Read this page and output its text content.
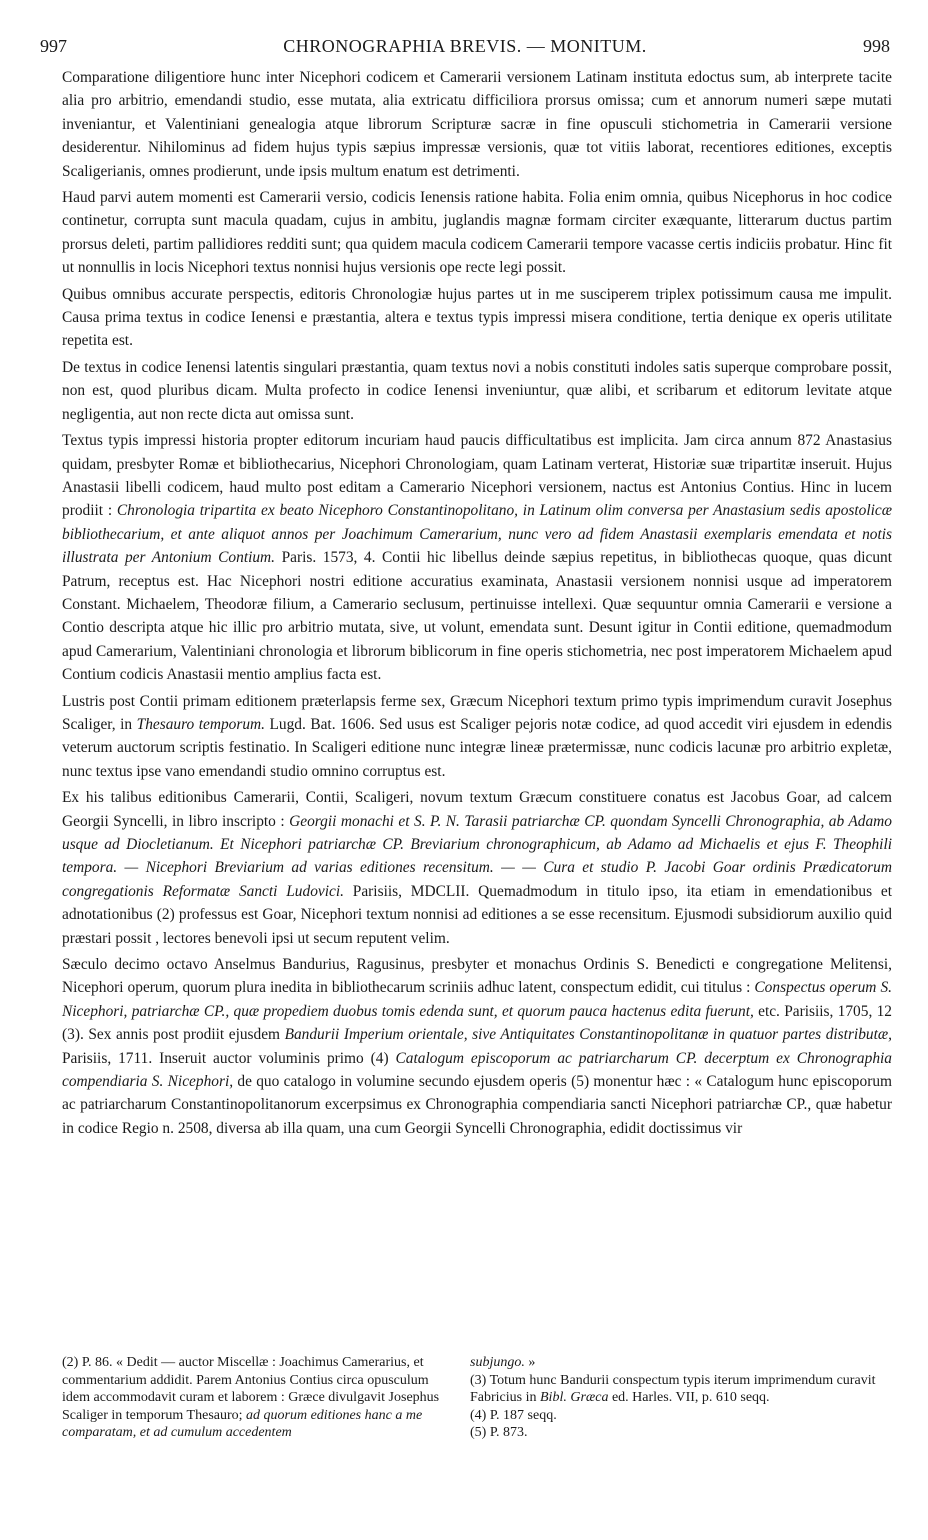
997	CHRONOGRAPHIA BREVIS. — MONITUM.	998

Comparatione diligentiore hunc inter Nicephori codicem et Camerarii versionem Latinam instituta edoctus sum, ab interprete tacite alia pro arbitrio, emendandi studio, esse mutata, alia extricatu difficiliora prorsus omissa; cum et annorum numeri sæpe mutati inveniantur, et Valentiniani genealogia atque librorum Scripturæ sacræ in fine opusculi stichometria in Camerarii versione desiderentur. Nihilominus ad fidem hujus typis sæpius impressæ versionis, quæ tot vitiis laborat, recentiores editiones, exceptis Scaligerianis, omnes prodierunt, unde ipsis multum enatum est detrimenti.

Haud parvi autem momenti est Camerarii versio, codicis Ienensis ratione habita. Folia enim omnia, quibus Nicephorus in hoc codice continetur, corrupta sunt macula quadam, cujus in ambitu, juglandis magnæ formam circiter exæquante, litterarum ductus partim prorsus deleti, partim pallidiores redditi sunt; qua quidem macula codicem Camerarii tempore vacasse certis indiciis probatur. Hinc fit ut nonnullis in locis Nicephori textus nonnisi hujus versionis ope recte legi possit.

Quibus omnibus accurate perspectis, editoris Chronologiæ hujus partes ut in me susciperem triplex potissimum causa me impulit. Causa prima textus in codice Ienensi e præstantia, altera e textus typis impressi misera conditione, tertia denique ex operis utilitate repetita est.

De textus in codice Ienensi latentis singulari præstantia, quam textus novi a nobis constituti indoles satis superque comprobare possit, non est, quod pluribus dicam. Multa profecto in codice Ienensi inveniuntur, quæ alibi, et scribarum et editorum levitate atque negligentia, aut non recte dicta aut omissa sunt.

Textus typis impressi historia propter editorum incuriam haud paucis difficultatibus est implicita. Jam circa annum 872 Anastasius quidam, presbyter Romæ et bibliothecarius, Nicephori Chronologiam, quam Latinam verterat, Historiæ suæ tripartitæ inseruit. Hujus Anastasii libelli codicem, haud multo post editam a Camerario Nicephori versionem, nactus est Antonius Contius. Hinc in lucem prodiit : Chronologia tripartita ex beato Nicephoro Constantinopolitano, in Latinum olim conversa per Anastasium sedis apostolicæ bibliothecarium, et ante aliquot annos per Joachimum Camerarium, nunc vero ad fidem Anastasii exemplaris emendata et notis illustrata per Antonium Contium. Paris. 1573, 4. Contii hic libellus deinde sæpius repetitus, in bibliothecas quoque, quas dicunt Patrum, receptus est. Hac Nicephori nostri editione accuratius examinata, Anastasii versionem nonnisi usque ad imperatorem Constant. Michaelem, Theodoræ filium, a Camerario seclusum, pertinuisse intellexi. Quæ sequuntur omnia Camerarii e versione a Contio descripta atque hic illic pro arbitrio mutata, sive, ut volunt, emendata sunt. Desunt igitur in Contii editione, quemadmodum apud Camerarium, Valentiniani chronologia et librorum biblicorum in fine operis stichometria, nec post imperatorem Michaelem apud Contium codicis Anastasii mentio amplius facta est.

Lustris post Contii primam editionem præterlapsis ferme sex, Græcum Nicephori textum primo typis imprimendum curavit Josephus Scaliger, in Thesauro temporum. Lugd. Bat. 1606. Sed usus est Scaliger pejoris notæ codice, ad quod accedit viri ejusdem in edendis veterum auctorum scriptis festinatio. In Scaligeri editione nunc integræ lineæ prætermissæ, nunc codicis lacunæ pro arbitrio expletæ, nunc textus ipse vano emendandi studio omnino corruptus est.

Ex his talibus editionibus Camerarii, Contii, Scaligeri, novum textum Græcum constituere conatus est Jacobus Goar, ad calcem Georgii Syncelli, in libro inscripto : Georgii monachi et S. P. N. Tarasii patriarchæ CP. quondam Syncelli Chronographia, ab Adamo usque ad Diocletianum. Et Nicephori patriarchæ CP. Breviarium chronographicum, ab Adamo ad Michaelis et ejus F. Theophili tempora. — Nicephori Breviarium ad varias editiones recensitum. — — Cura et studio P. Jacobi Goar ordinis Prædicatorum congregationis Reformatæ Sancti Ludovici. Parisiis, MDCLII. Quemadmodum in titulo ipso, ita etiam in emendationibus et adnotationibus (2) professus est Goar, Nicephori textum nonnisi ad editiones a se esse recensitum. Ejusmodi subsidiorum auxilio quid præstari possit , lectores benevoli ipsi ut secum reputent velim.

Sæculo decimo octavo Anselmus Bandurius, Ragusinus, presbyter et monachus Ordinis S. Benedicti e congregatione Melitensi, Nicephori operum, quorum plura inedita in bibliothecarum scriniis adhuc latent, conspectum edidit, cui titulus : Conspectus operum S. Nicephori, patriarchæ CP., quæ propediem duobus tomis edenda sunt, et quorum pauca hactenus edita fuerunt, etc. Parisiis, 1705, 12 (3). Sex annis post prodiit ejusdem Bandurii Imperium orientale, sive Antiquitates Constantinopolitanæ in quatuor partes distributæ, Parisiis, 1711. Inseruit auctor voluminis primo (4) Catalogum episcoporum ac patriarcharum CP. decerptum ex Chronographia compendiaria S. Nicephori, de quo catalogo in volumine secundo ejusdem operis (5) monentur hæc : « Catalogum hunc episcoporum ac patriarcharum Constantinopolitanorum excerpsimus ex Chronographia compendiaria sancti Nicephori patriarchæ CP., quæ habetur in codice Regio n. 2508, diversa ab illa quam, una cum Georgii Syncelli Chronographia, edidit doctissimus vir

(2) P. 86. « Dedit — auctor Miscellæ : Joachimus Camerarius, et commentarium addidit. Parem Antonius Contius circa opusculum idem accommodavit curam et laborem : Græce divulgavit Josephus Scaliger in temporum Thesauro; ad quorum editiones hanc a me comparatam, et ad cumulum accedentem

subjungo. »

(3) Totum hunc Bandurii conspectum typis iterum imprimendum curavit Fabricius in Bibl. Græca ed. Harles. VII, p. 610 seqq.

(4) P. 187 seqq.

(5) P. 873.
